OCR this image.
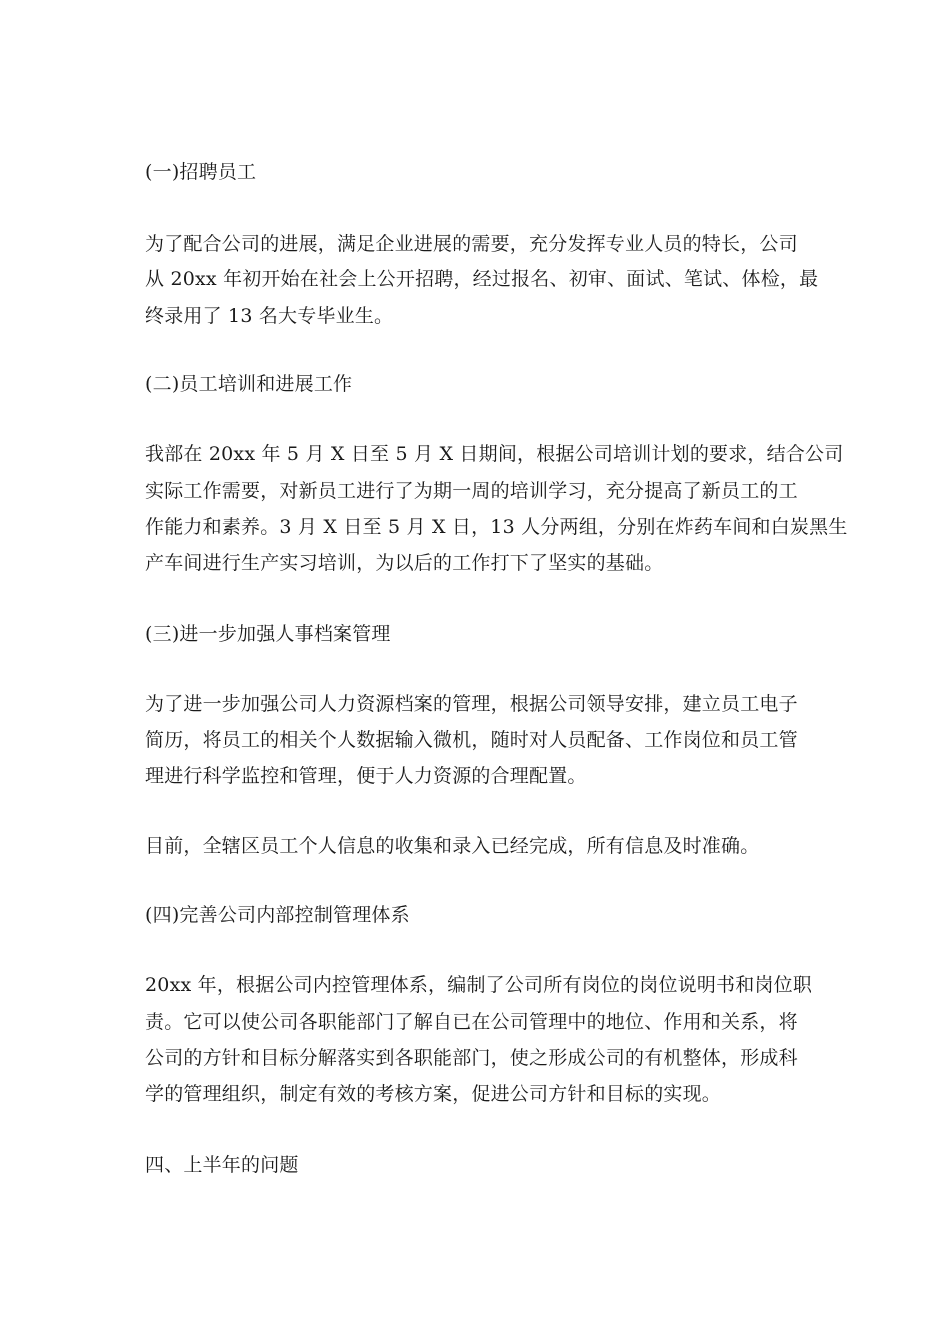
(一)招聘员工
为了配合公司的进展，满足企业进展的需要，充分发挥专业人员的特长，公司
从 20xx 年初开始在社会上公开招聘，经过报名、初审、面试、笔试、体检，最
终录用了 13 名大专毕业生。
(二)员工培训和进展工作
我部在 20xx 年 5 月 X 日至 5 月 X 日期间，根据公司培训计划的要求，结合公司
实际工作需要，对新员工进行了为期一周的培训学习，充分提高了新员工的工
作能力和素养。3 月 X 日至 5 月 X 日，13 人分两组，分别在炸药车间和白炭黑生
产车间进行生产实习培训，为以后的工作打下了坚实的基础。
(三)进一步加强人事档案管理
为了进一步加强公司人力资源档案的管理，根据公司领导安排，建立员工电子
简历，将员工的相关个人数据输入微机，随时对人员配备、工作岗位和员工管
理进行科学监控和管理，便于人力资源的合理配置。
目前，全辖区员工个人信息的收集和录入已经完成，所有信息及时准确。
(四)完善公司内部控制管理体系
20xx 年，根据公司内控管理体系，编制了公司所有岗位的岗位说明书和岗位职
责。它可以使公司各职能部门了解自已在公司管理中的地位、作用和关系，将
公司的方针和目标分解落实到各职能部门，使之形成公司的有机整体，形成科
学的管理组织，制定有效的考核方案，促进公司方针和目标的实现。
四、上半年的问题
